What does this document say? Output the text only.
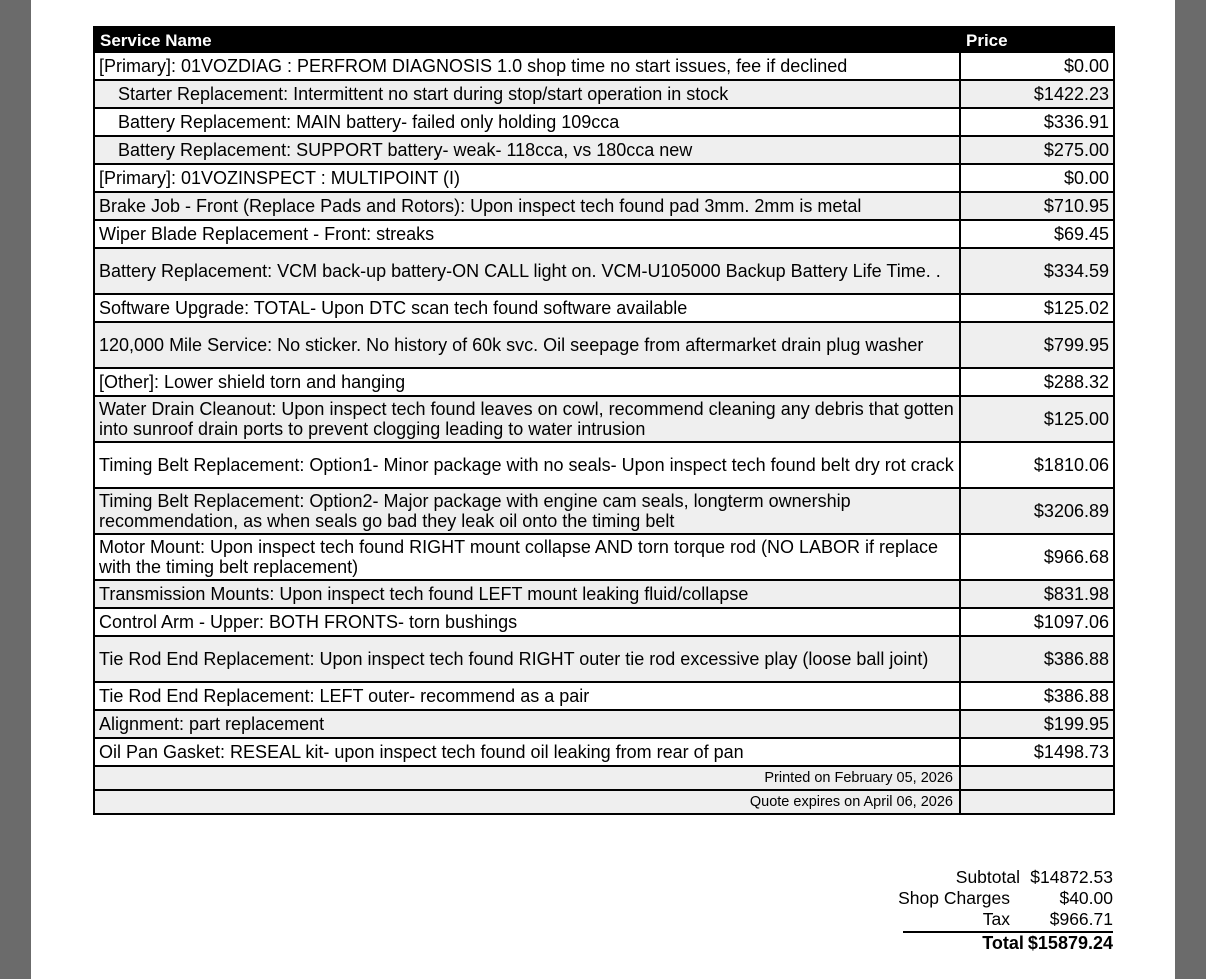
Service Name	Price
[Primary]: 01VOZDIAG : PERFROM DIAGNOSIS 1.0 shop time no start issues, fee if declined	$0.00
Starter Replacement: Intermittent no start during stop/start operation in stock	$1422.23
Battery Replacement: MAIN battery- failed only holding 109cca	$336.91
Battery Replacement: SUPPORT battery- weak- 118cca, vs 180cca new	$275.00
[Primary]: 01VOZINSPECT : MULTIPOINT (I)	$0.00
Brake Job - Front (Replace Pads and Rotors): Upon inspect tech found pad 3mm. 2mm is metal	$710.95
Wiper Blade Replacement - Front: streaks	$69.45
Battery Replacement: VCM back-up battery-ON CALL light on. VCM-U105000 Backup Battery Life Time. .	$334.59
Software Upgrade: TOTAL- Upon DTC scan tech found software available	$125.02
120,000 Mile Service: No sticker. No history of 60k svc. Oil seepage from aftermarket drain plug washer	$799.95
[Other]: Lower shield torn and hanging	$288.32
Water Drain Cleanout: Upon inspect tech found leaves on cowl, recommend cleaning any debris that gotten into sunroof drain ports to prevent clogging leading to water intrusion	$125.00
Timing Belt Replacement: Option1- Minor package with no seals- Upon inspect tech found belt dry rot crack	$1810.06
Timing Belt Replacement: Option2- Major package with engine cam seals, longterm ownership recommendation, as when seals go bad they leak oil onto the timing belt	$3206.89
Motor Mount: Upon inspect tech found RIGHT mount collapse AND torn torque rod (NO LABOR if replace with the timing belt replacement)	$966.68
Transmission Mounts: Upon inspect tech found LEFT mount leaking fluid/collapse	$831.98
Control Arm - Upper: BOTH FRONTS- torn bushings	$1097.06
Tie Rod End Replacement: Upon inspect tech found RIGHT outer tie rod excessive play (loose ball joint)	$386.88
Tie Rod End Replacement: LEFT outer- recommend as a pair	$386.88
Alignment: part replacement	$199.95
Oil Pan Gasket: RESEAL kit- upon inspect tech found oil leaking from rear of pan	$1498.73
Printed on February 05, 2026	
Quote expires on April 06, 2026	
Subtotal $14872.53
Shop Charges	$40.00
Tax	$966.71
Total $15879.24
